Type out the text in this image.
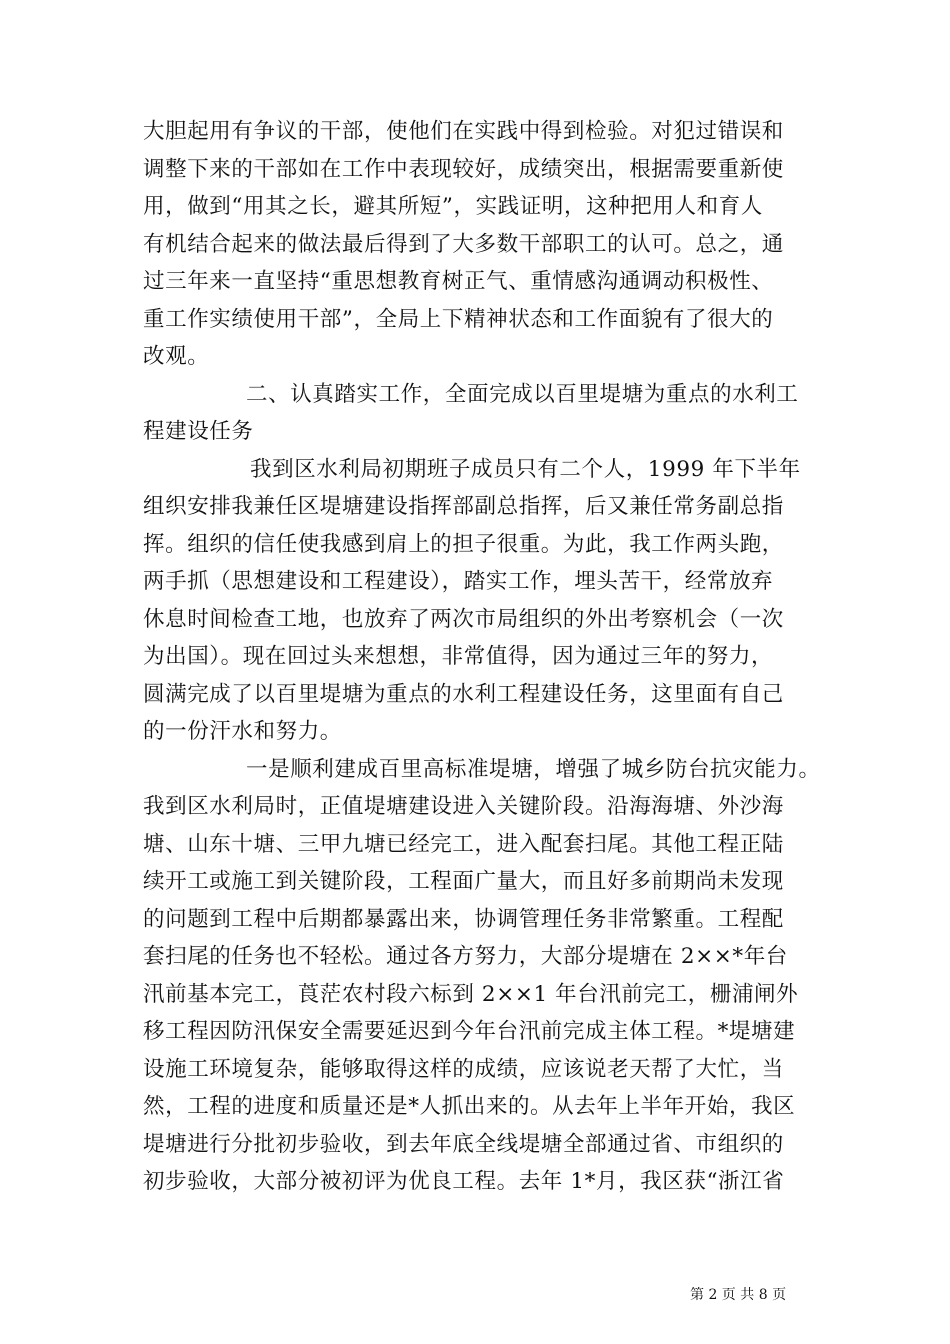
大胆起用有争议的干部，使他们在实践中得到检验。对犯过错误和
调整下来的干部如在工作中表现较好，成绩突出，根据需要重新使
用，做到“用其之长，避其所短”，实践证明，这种把用人和育人
有机结合起来的做法最后得到了大多数干部职工的认可。总之，通
过三年来一直坚持“重思想教育树正气、重情感沟通调动积极性、
重工作实绩使用干部”，全局上下精神状态和工作面貌有了很大的
改观。
二、认真踏实工作，全面完成以百里堤塘为重点的水利工
程建设任务
我到区水利局初期班子成员只有二个人，1999 年下半年
组织安排我兼任区堤塘建设指挥部副总指挥，后又兼任常务副总指
挥。组织的信任使我感到肩上的担子很重。为此，我工作两头跑，
两手抓（思想建设和工程建设），踏实工作，埋头苦干，经常放弃
休息时间检查工地，也放弃了两次市局组织的外出考察机会（一次
为出国）。现在回过头来想想，非常值得，因为通过三年的努力，
圆满完成了以百里堤塘为重点的水利工程建设任务，这里面有自己
的一份汗水和努力。
一是顺利建成百里高标准堤塘，增强了城乡防台抗灾能力。
我到区水利局时，正值堤塘建设进入关键阶段。沿海海塘、外沙海
塘、山东十塘、三甲九塘已经完工，进入配套扫尾。其他工程正陆
续开工或施工到关键阶段，工程面广量大，而且好多前期尚未发现
的问题到工程中后期都暴露出来，协调管理任务非常繁重。工程配
套扫尾的任务也不轻松。通过各方努力，大部分堤塘在 2××*年台
汛前基本完工，莨茫农村段六标到 2××1 年台汛前完工，栅浦闸外
移工程因防汛保安全需要延迟到今年台汛前完成主体工程。*堤塘建
设施工环境复杂，能够取得这样的成绩，应该说老天帮了大忙，当
然，工程的进度和质量还是*人抓出来的。从去年上半年开始，我区
堤塘进行分批初步验收，到去年底全线堤塘全部通过省、市组织的
初步验收，大部分被初评为优良工程。去年 1*月，我区获“浙江省
第 2 页 共 8 页
